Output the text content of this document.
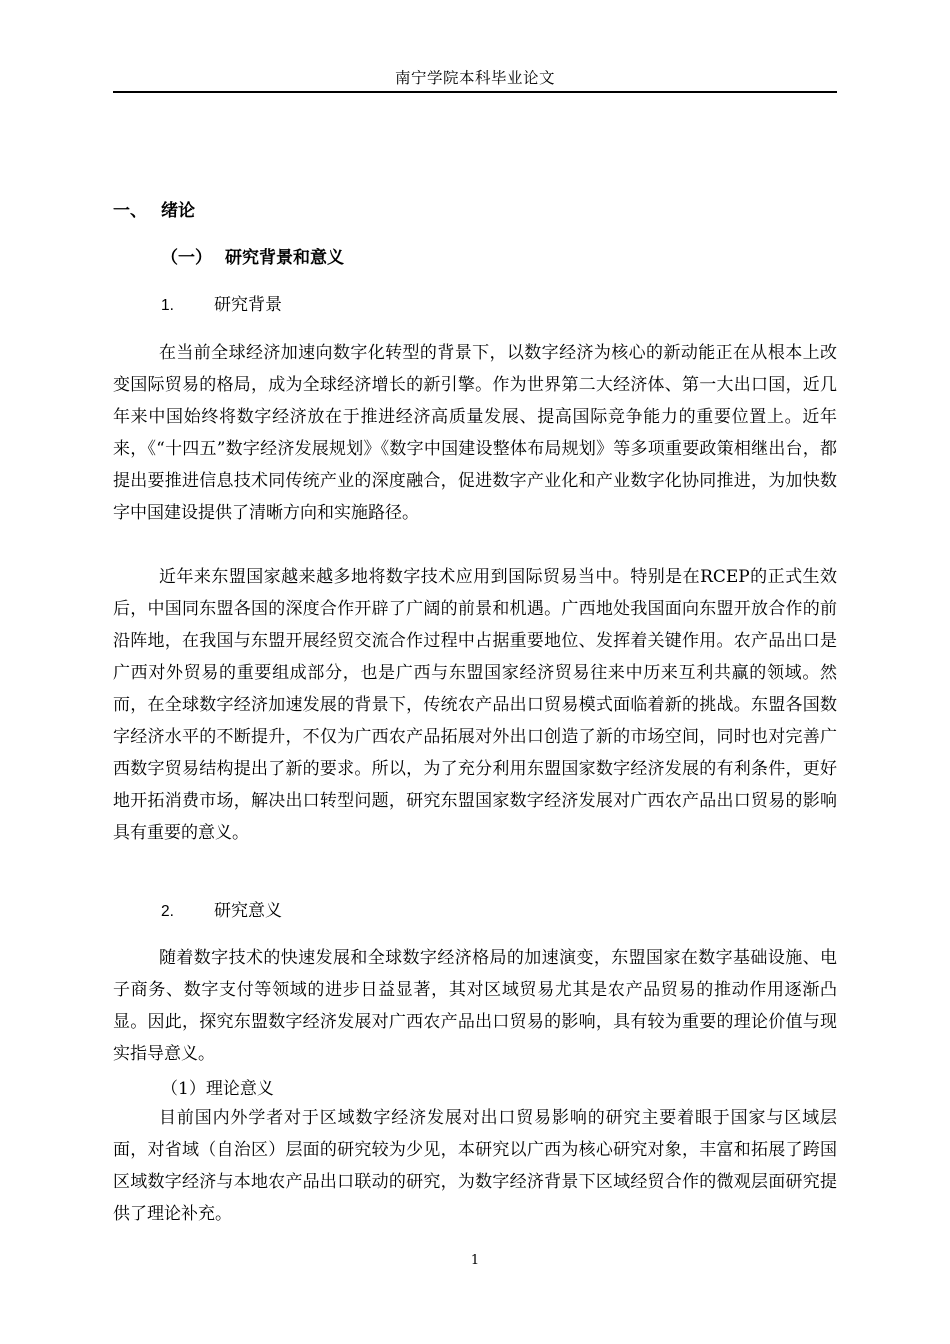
南宁学院本科毕业论文
一、 绪论
（一） 研究背景和意义
1. 研究背景

在当前全球经济加速向数字化转型的背景下，以数字经济为核心的新动能正在从根本上改变国际贸易的格局，成为全球经济增长的新引擎。作为世界第二大经济体、第一大出口国，近几年来中国始终将数字经济放在于推进经济高质量发展、提高国际竞争能力的重要位置上。近年来，《“十四五”数字经济发展规划》《数字中国建设整体布局规划》等多项重要政策相继出台，都提出要推进信息技术同传统产业的深度融合，促进数字产业化和产业数字化协同推进，为加快数字中国建设提供了清晰方向和实施路径。

近年来东盟国家越来越多地将数字技术应用到国际贸易当中。特别是在RCEP的正式生效后，中国同东盟各国的深度合作开辟了广阔的前景和机遇。广西地处我国面向东盟开放合作的前沿阵地，在我国与东盟开展经贸交流合作过程中占据重要地位、发挥着关键作用。农产品出口是广西对外贸易的重要组成部分，也是广西与东盟国家经济贸易往来中历来互利共赢的领域。然而，在全球数字经济加速发展的背景下，传统农产品出口贸易模式面临着新的挑战。东盟各国数字经济水平的不断提升，不仅为广西农产品拓展对外出口创造了新的市场空间，同时也对完善广西数字贸易结构提出了新的要求。所以，为了充分利用东盟国家数字经济发展的有利条件，更好地开拓消费市场，解决出口转型问题，研究东盟国家数字经济发展对广西农产品出口贸易的影响具有重要的意义。

2. 研究意义

随着数字技术的快速发展和全球数字经济格局的加速演变，东盟国家在数字基础设施、电子商务、数字支付等领域的进步日益显著，其对区域贸易尤其是农产品贸易的推动作用逐渐凸显。因此，探究东盟数字经济发展对广西农产品出口贸易的影响，具有较为重要的理论价值与现实指导意义。

（1）理论意义

目前国内外学者对于区域数字经济发展对出口贸易影响的研究主要着眼于国家与区域层面，对省域（自治区）层面的研究较为少见，本研究以广西为核心研究对象，丰富和拓展了跨国区域数字经济与本地农产品出口联动的研究，为数字经济背景下区域经贸合作的微观层面研究提供了理论补充。

1
